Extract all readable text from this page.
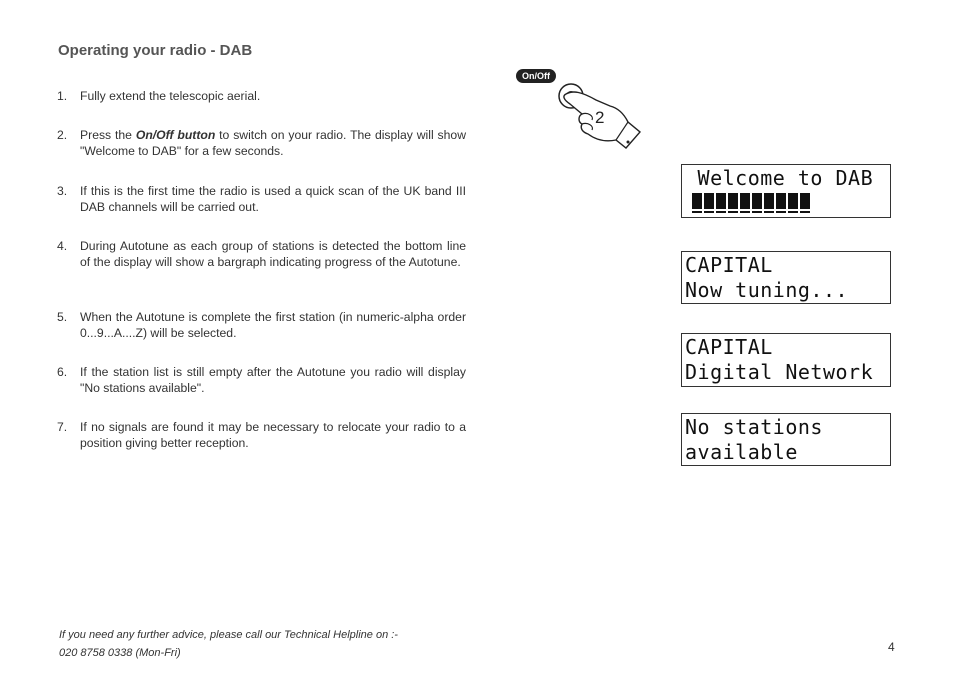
Operating your radio - DAB
1. Fully extend the telescopic aerial.
2. Press the On/Off button to switch on your radio. The display will show "Welcome to DAB" for a few seconds.
3. If this is the first time the radio is used a quick scan of the UK band III DAB channels will be carried out.
4. During Autotune as each group of stations is detected the bottom line of the display will show a bargraph indicating progress of the Autotune.
5. When the Autotune is complete the first station (in numeric-alpha order 0...9...A....Z) will be selected.
6. If the station list is still empty after the Autotune you radio will display "No stations available".
7. If no signals are found it may be necessary to relocate your radio to a position giving better reception.
On/Off
2
Welcome to DAB
CAPITAL
Now tuning...
CAPITAL
Digital Network
No stations
available
If you need any further advice, please call our Technical Helpline on :-
020 8758 0338 (Mon-Fri)	4
